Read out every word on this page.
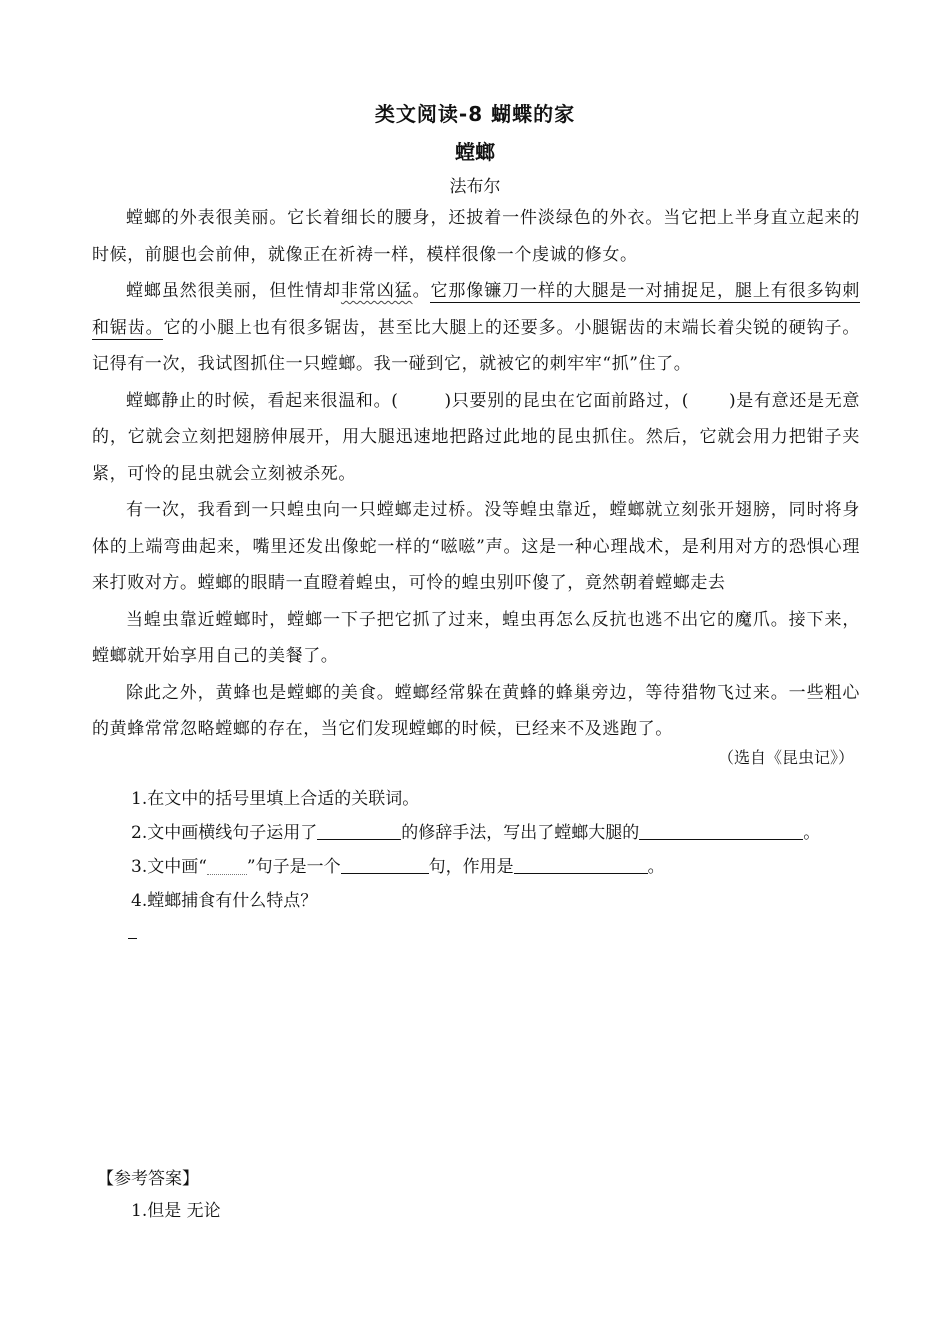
类文阅读-8 蝴蝶的家
螳螂
法布尔

螳螂的外表很美丽。它长着细长的腰身，还披着一件淡绿色的外衣。当它把上半身直立起来的时候，前腿也会前伸，就像正在祈祷一样，模样很像一个虔诚的修女。

螳螂虽然很美丽，但性情却非常凶猛。它那像镰刀一样的大腿是一对捕捉足，腿上有很多钩刺和锯齿。它的小腿上也有很多锯齿，甚至比大腿上的还要多。小腿锯齿的末端长着尖锐的硬钩子。记得有一次，我试图抓住一只螳螂。我一碰到它，就被它的刺牢牢“抓”住了。

螳螂静止的时候，看起来很温和。(	)只要别的昆虫在它面前路过，( )是有意还是无意的，它就会立刻把翅膀伸展开，用大腿迅速地把路过此地的昆虫抓住。然后，它就会用力把钳子夹紧，可怜的昆虫就会立刻被杀死。

有一次，我看到一只蝗虫向一只螳螂走过桥。没等蝗虫靠近，螳螂就立刻张开翅膀，同时将身体的上端弯曲起来，嘴里还发出像蛇一样的“嗞嗞”声。这是一种心理战术，是利用对方的恐惧心理来打败对方。螳螂的眼睛一直瞪着蝗虫，可怜的蝗虫别吓傻了，竟然朝着螳螂走去

当蝗虫靠近螳螂时，螳螂一下子把它抓了过来，蝗虫再怎么反抗也逃不出它的魔爪。接下来，螳螂就开始享用自己的美餐了。

除此之外，黄蜂也是螳螂的美食。螳螂经常躲在黄蜂的蜂巢旁边，等待猎物飞过来。一些粗心的黄蜂常常忽略螳螂的存在，当它们发现螳螂的时候，已经来不及逃跑了。

（选自《昆虫记》）
1.在文中的括号里填上合适的关联词。
2.文中画横线句子运用了	的修辞手法，写出了螳螂大腿的	。
3.文中画“ ”句子是一个	句，作用是	。
4.螳螂捕食有什么特点？
【参考答案】
1.但是 无论
